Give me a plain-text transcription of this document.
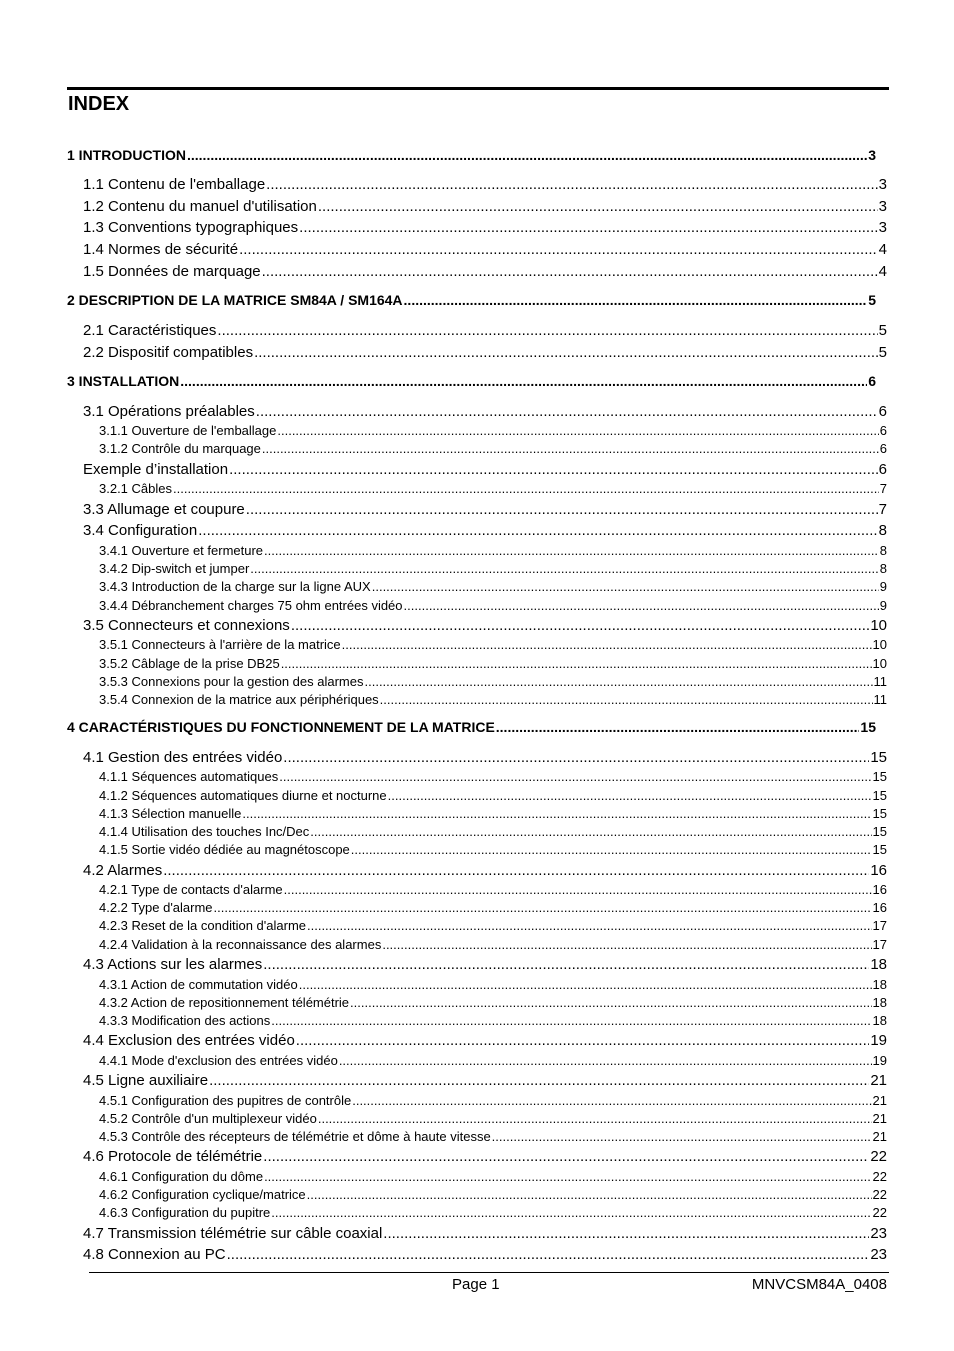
INDEX
1 INTRODUCTION .....	3
1.1 Contenu de l'emballage .....	3
1.2 Contenu du manuel d'utilisation .....	3
1.3 Conventions typographiques .....	3
1.4 Normes de sécurité .....	4
1.5 Données de marquage .....	4
2 DESCRIPTION DE LA MATRICE SM84A / SM164A .....	5
2.1 Caractéristiques .....	5
2.2 Dispositif compatibles .....	5
3 INSTALLATION .....	6
3.1 Opérations préalables .....	6
3.1.1 Ouverture de l'emballage .....	6
3.1.2 Contrôle du marquage .....	6
Exemple d’installation .....	6
3.2.1 Câbles .....	7
3.3 Allumage et coupure .....	7
3.4 Configuration .....	8
3.4.1 Ouverture et fermeture .....	8
3.4.2 Dip-switch et jumper .....	8
3.4.3 Introduction de la charge sur la ligne AUX .....	9
3.4.4 Débranchement charges 75 ohm entrées vidéo .....	9
3.5 Connecteurs et connexions .....	10
3.5.1 Connecteurs à l'arrière de la matrice .....	10
3.5.2 Câblage de la prise DB25 .....	10
3.5.3 Connexions pour la gestion des alarmes .....	11
3.5.4 Connexion de la matrice aux périphériques .....	11
4 CARACTÉRISTIQUES DU FONCTIONNEMENT DE LA MATRICE .....	15
4.1 Gestion des entrées vidéo .....	15
4.1.1 Séquences automatiques .....	15
4.1.2 Séquences automatiques diurne et nocturne .....	15
4.1.3 Sélection manuelle .....	15
4.1.4 Utilisation des touches Inc/Dec .....	15
4.1.5 Sortie vidéo dédiée au magnétoscope .....	15
4.2 Alarmes .....	16
4.2.1 Type de contacts d'alarme .....	16
4.2.2 Type d'alarme .....	16
4.2.3 Reset de la condition d'alarme .....	17
4.2.4 Validation à la reconnaissance des alarmes .....	17
4.3 Actions sur les alarmes .....	18
4.3.1 Action de commutation vidéo .....	18
4.3.2 Action de repositionnement télémétrie .....	18
4.3.3 Modification des actions .....	18
4.4 Exclusion des entrées vidéo .....	19
4.4.1 Mode d'exclusion des entrées vidéo .....	19
4.5 Ligne auxiliaire .....	21
4.5.1 Configuration des pupitres de contrôle .....	21
4.5.2 Contrôle d'un multiplexeur vidéo .....	21
4.5.3 Contrôle des récepteurs de télémétrie et dôme à haute vitesse .....	21
4.6 Protocole de télémétrie .....	22
4.6.1 Configuration du dôme .....	22
4.6.2 Configuration cyclique/matrice .....	22
4.6.3 Configuration du pupitre .....	22
4.7 Transmission télémétrie sur câble coaxial .....	23
4.8 Connexion au PC .....	23
Page 1	MNVCSM84A_0408
